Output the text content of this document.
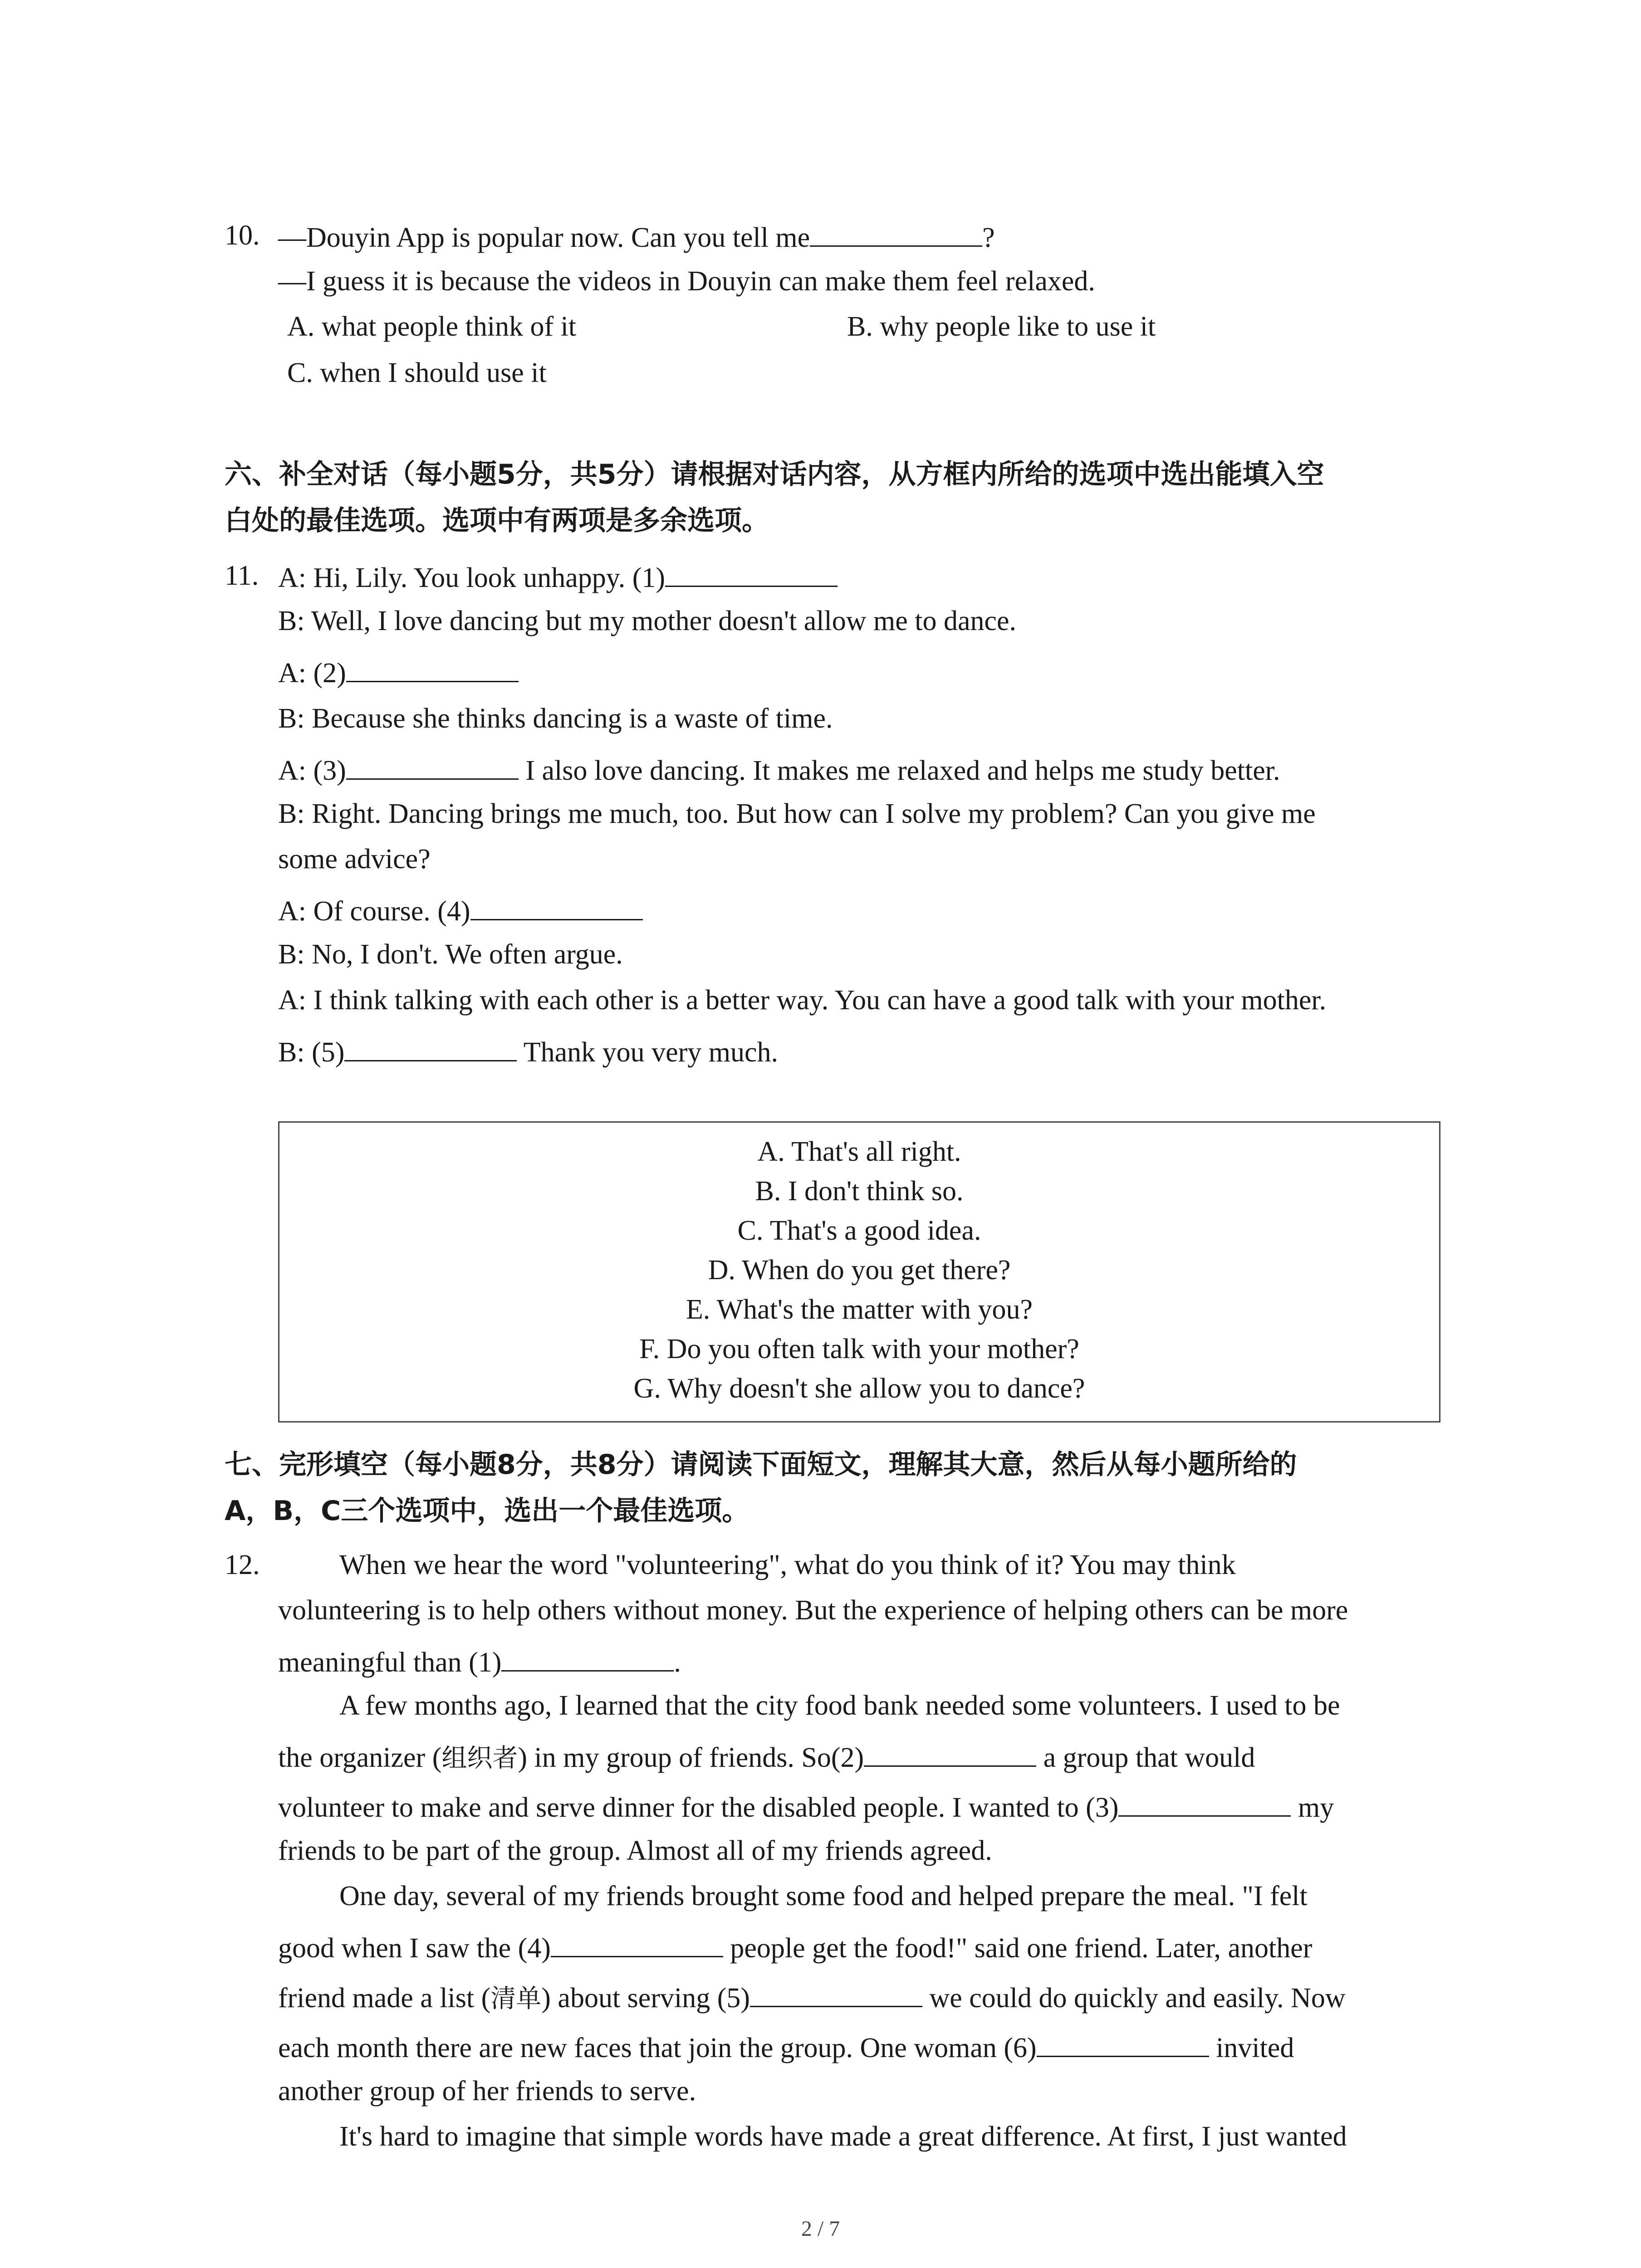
10. —Douyin App is popular now. Can you tell me	?
—I guess it is because the videos in Douyin can make them feel relaxed.
A. what people think of it	B. why people like to use it
C. when I should use it
六、补全对话（每小题5分，共5分）请根据对话内容，从方框内所给的选项中选出能填入空
白处的最佳选项。选项中有两项是多余选项。
11. A: Hi, Lily. You look unhappy. (1)
B: Well, I love dancing but my mother doesn't allow me to dance.
A: (2)
B: Because she thinks dancing is a waste of time.
A: (3)	I also love dancing. It makes me relaxed and helps me study better.
B: Right. Dancing brings me much, too. But how can I solve my problem? Can you give me
some advice?
A: Of course. (4)
B: No, I don't. We often argue.
A: I think talking with each other is a better way. You can have a good talk with your mother.
B: (5)	Thank you very much.
A. That's all right.
B. I don't think so.
C. That's a good idea.
D. When do you get there?
E. What's the matter with you?
F. Do you often talk with your mother?
G. Why doesn't she allow you to dance?
七、完形填空（每小题8分，共8分）请阅读下面短文，理解其大意，然后从每小题所给的
A，B，C三个选项中，选出一个最佳选项。
12.	When we hear the word "volunteering", what do you think of it? You may think
volunteering is to help others without money. But the experience of helping others can be more
meaningful than (1)	.
A few months ago, I learned that the city food bank needed some volunteers. I used to be
the organizer (组织者) in my group of friends. So(2)	a group that would
volunteer to make and serve dinner for the disabled people. I wanted to (3)	my
friends to be part of the group. Almost all of my friends agreed.
One day, several of my friends brought some food and helped prepare the meal. "I felt
good when I saw the (4)	people get the food!" said one friend. Later, another
friend made a list (清单) about serving (5)	we could do quickly and easily. Now
each month there are new faces that join the group. One woman (6)	invited
another group of her friends to serve.
It's hard to imagine that simple words have made a great difference. At first, I just wanted
2 / 7
